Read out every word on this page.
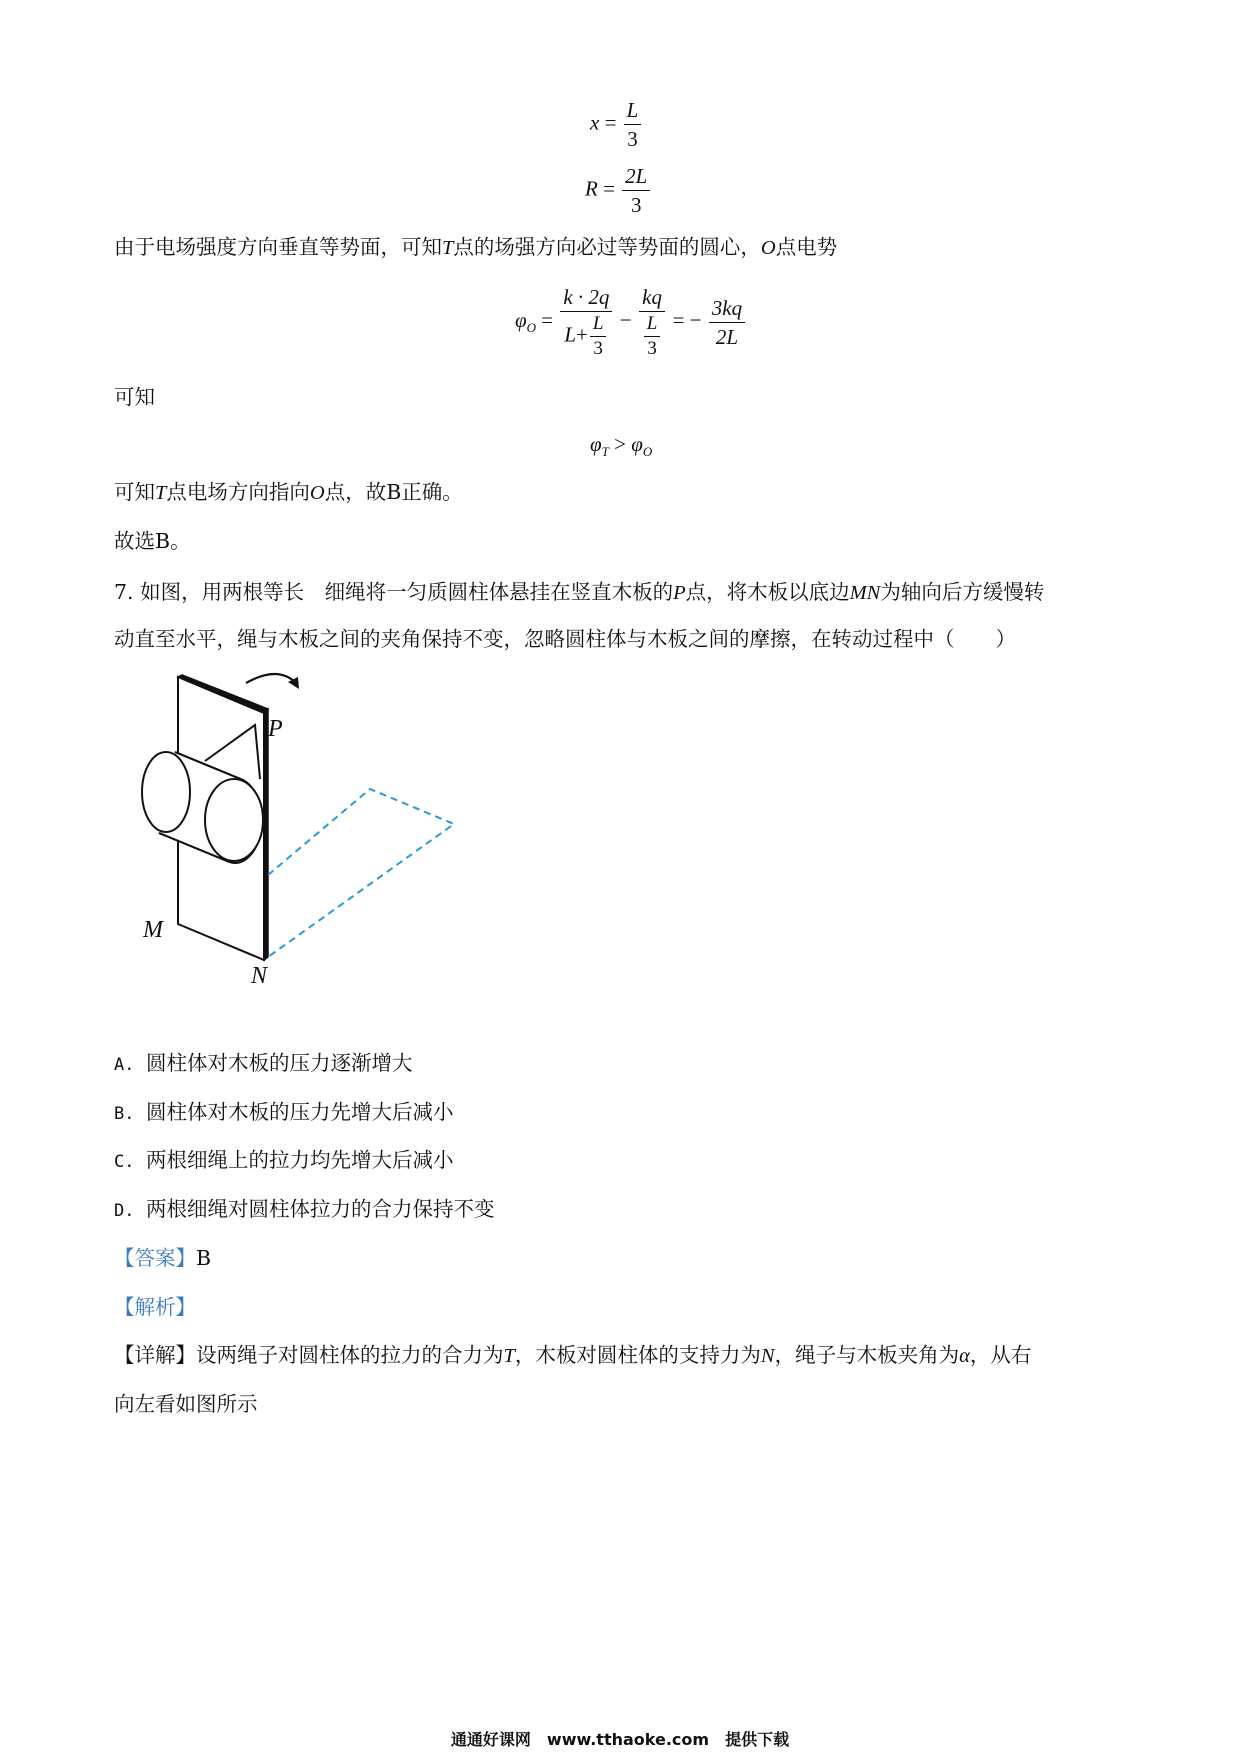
$x = \frac{L}{3}$
$R = \frac{2L}{3}$
由于电场强度方向垂直等势面，可知T点的场强方向必过等势面的圆心，O点电势
$\varphi_O = \frac{k \cdot 2q}{L+ \frac{L}{3}} - \frac{kq}{\frac{L}{3}}$ = − $\frac{3kq}{2L}$
可知
$\varphi_T > \varphi_O$
可知T点电场方向指向O点，故B正确。
故选B。
7. 如图，用两根等长　细绳将一匀质圆柱体悬挂在竖直木板的P点，将木板以底边MN为轴向后方缓慢转
动直至水平，绳与木板之间的夹角保持不变，忽略圆柱体与木板之间的摩擦，在转动过程中（　　）
P
M
N
A. 圆柱体对木板的压力逐渐增大
B. 圆柱体对木板的压力先增大后减小
C. 两根细绳上的拉力均先增大后减小
D. 两根细绳对圆柱体拉力的合力保持不变
【答案】B
【解析】
【详解】设两绳子对圆柱体的拉力的合力为T，木板对圆柱体的支持力为N，绳子与木板夹角为α，从右
向左看如图所示
通通好课网　www.tthaoke.com　提供下载
